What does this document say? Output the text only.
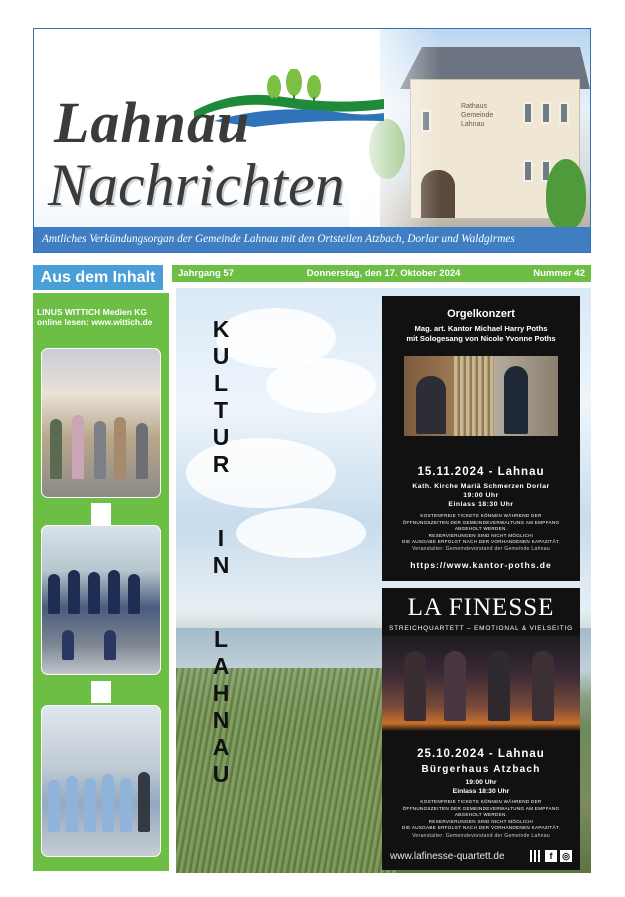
Rathaus Gemeinde Lahnau
Lahnau
Nachrichten
Amtliches Verkündungsorgan der Gemeinde Lahnau mit den Ortsteilen Atzbach, Dorlar und Waldgirmes
Aus dem Inhalt	Jahrgang 57	Donnerstag, den 17. Oktober 2024	Nummer 42
LINUS WITTICH Medien KG
online lesen: www.wittich.de	K
U
L
T
U
R
I
N
L
A
H
N
A
U
Orgelkonzert
Mag. art. Kantor Michael Harry Poths
mit Sologesang von Nicole Yvonne Poths
15.11.2024 - Lahnau
Kath. Kirche Mariä Schmerzen Dorlar
19:00 Uhr
Einlass 18:30 Uhr
KOSTENFREIE TICKETS KÖNNEN WÄHREND DER
ÖFFNUNGSZEITEN DER GEMEINDEVERWALTUNG AM EMPFANG
ABGEHOLT WERDEN.
RESERVIERUNGEN SIND NICHT MÖGLICH!
DIE AUSGABE ERFOLGT NACH DER VORHANDENEN KAPAZITÄT.
Veranstalter: Gemeindevorstand der Gemeinde Lahnau
https://www.kantor-poths.de
LA FINESSE
STREICHQUARTETT – EMOTIONAL & VIELSEITIG
25.10.2024 - Lahnau
Bürgerhaus Atzbach
19:00 Uhr
Einlass 18:30 Uhr
KOSTENFREIE TICKETS KÖNNEN WÄHREND DER
ÖFFNUNGSZEITEN DER GEMEINDEVERWALTUNG AM EMPFANG
ABGEHOLT WERDEN.
RESERVIERUNGEN SIND NICHT MÖGLICH!
DIE AUSGABE ERFOLGT NACH DER VORHANDENEN KAPAZITÄT.
Veranstalter: Gemeindevorstand der Gemeinde Lahnau
www.lafinesse-quartett.de	f	◎
